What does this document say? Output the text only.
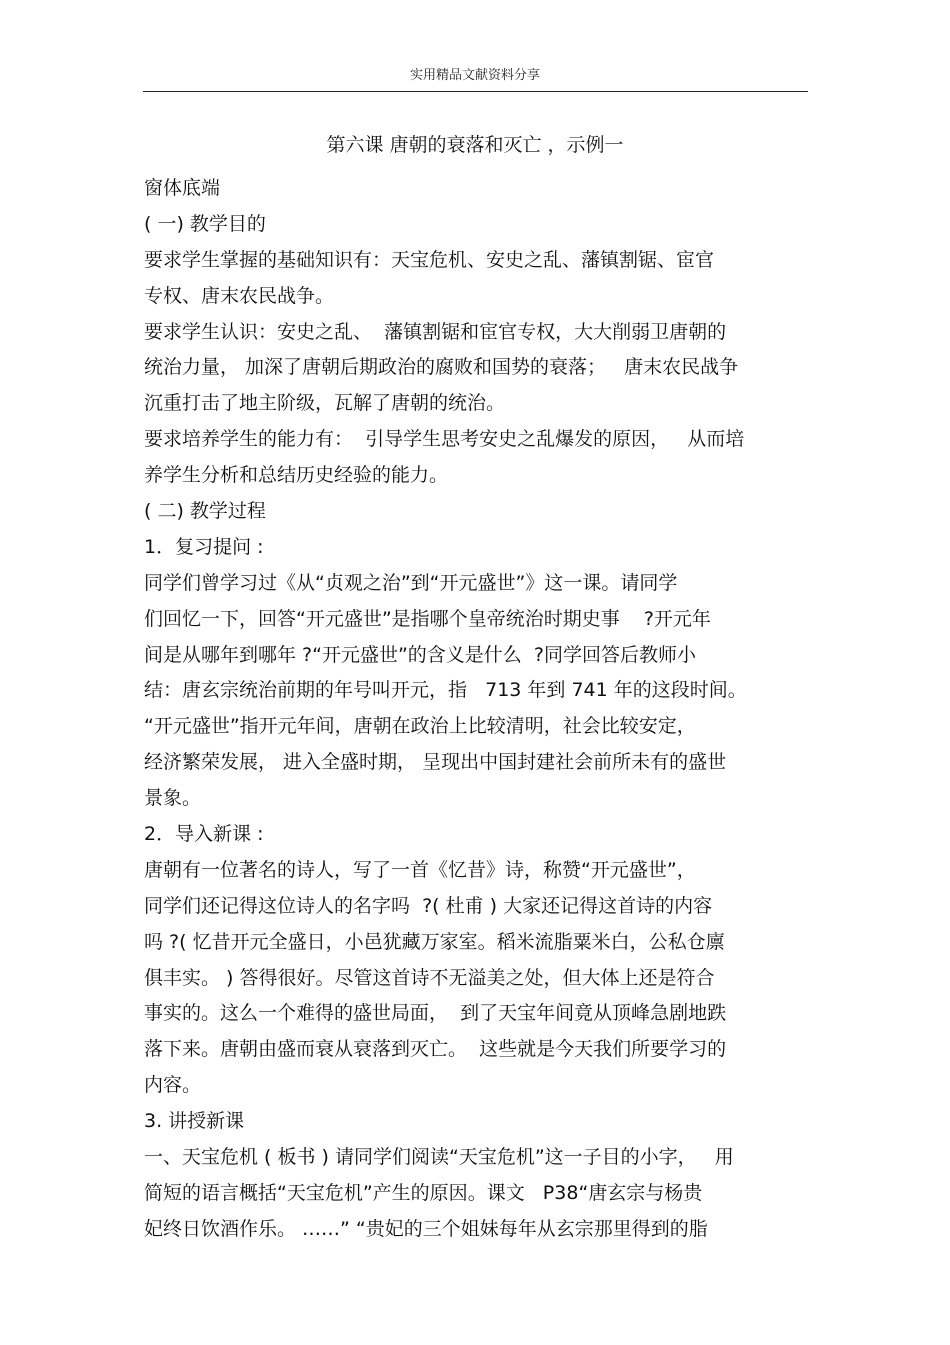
实用精品文献资料分享
第六课 唐朝的衰落和灭亡 ，示例一
窗体底端
( 一) 教学目的
要求学生掌握的基础知识有：天宝危机、安史之乱、藩镇割锯、宦官
专权、唐末农民战争。
要求学生认识：安史之乱、  藩镇割锯和宦官专权，大大削弱卫唐朝的
统治力量， 加深了唐朝后期政治的腐败和国势的衰落；   唐末农民战争
沉重打击了地主阶级，瓦解了唐朝的统治。
要求培养学生的能力有：  引导学生思考安史之乱爆发的原因，   从而培
养学生分析和总结历史经验的能力。
( 二) 教学过程
1．复习提问 :
同学们曾学习过《从“贞观之治”到“开元盛世”》这一课。请同学
们回忆一下，回答“开元盛世”是指哪个皇帝统治时期史事    ?开元年
间是从哪年到哪年 ?“开元盛世”的含义是什么  ?同学回答后教师小
结：唐玄宗统治前期的年号叫开元，指   713 年到 741 年的这段时间。
“开元盛世”指开元年间，唐朝在政治上比较清明，社会比较安定，
经济繁荣发展， 进入全盛时期， 呈现出中国封建社会前所未有的盛世
景象。
2．导入新课 :
唐朝有一位著名的诗人，写了一首《忆昔》诗，称赞“开元盛世”，
同学们还记得这位诗人的名字吗  ?( 杜甫 ) 大家还记得这首诗的内容
吗 ?( 忆昔开元全盛日，小邑犹藏万家室。稻米流脂粟米白，公私仓廪
俱丰实。 ) 答得很好。尽管这首诗不无溢美之处，但大体上还是符合
事实的。这么一个难得的盛世局面，  到了天宝年间竟从顶峰急剧地跌
落下来。唐朝由盛而衰从衰落到灭亡。  这些就是今天我们所要学习的
内容。
3. 讲授新课
一、天宝危机 ( 板书 ) 请同学们阅读“天宝危机”这一子目的小字，   用
简短的语言概括“天宝危机”产生的原因。课文   P38“唐玄宗与杨贵
妃终日饮酒作乐。 ……” “贵妃的三个姐妹每年从玄宗那里得到的脂
